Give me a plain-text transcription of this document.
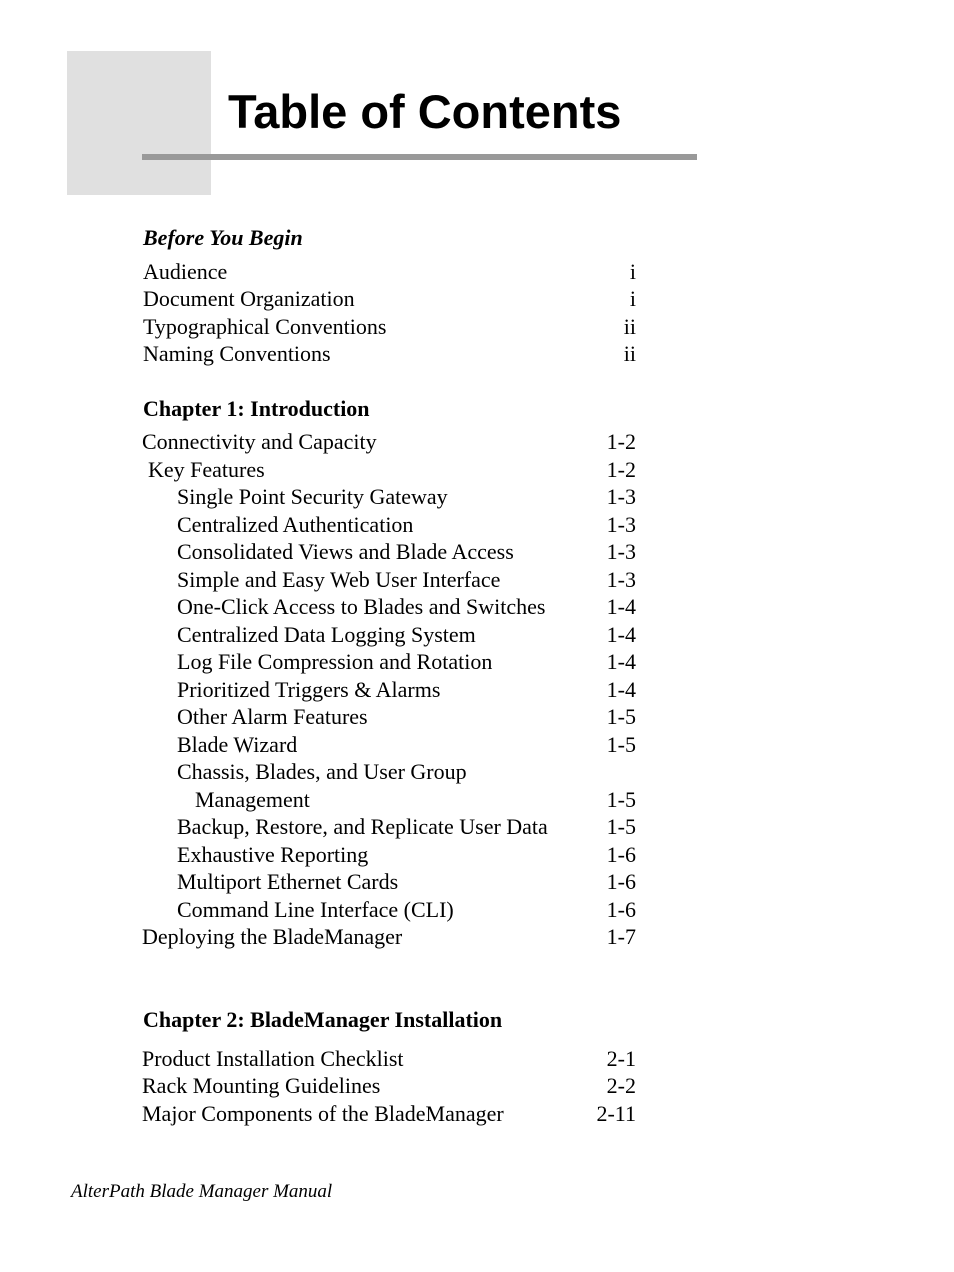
Table of Contents
Before You Begin
Audience	i
Document Organization	i
Typographical Conventions	ii
Naming Conventions	ii
Chapter 1: Introduction
Connectivity and Capacity	1-2
Key Features	1-2
Single Point Security Gateway	1-3
Centralized Authentication	1-3
Consolidated Views and Blade Access	1-3
Simple and Easy Web User Interface	1-3
One-Click Access to Blades and Switches	1-4
Centralized Data Logging System	1-4
Log File Compression and Rotation	1-4
Prioritized Triggers & Alarms	1-4
Other Alarm Features	1-5
Blade Wizard	1-5
Chassis, Blades, and User Group
Management	1-5
Backup, Restore, and Replicate User Data	1-5
Exhaustive Reporting	1-6
Multiport Ethernet Cards	1-6
Command Line Interface (CLI)	1-6
Deploying the BladeManager	1-7
Chapter 2: BladeManager Installation
Product Installation Checklist	2-1
Rack Mounting Guidelines	2-2
Major Components of the BladeManager	2-11
AlterPath Blade Manager Manual
